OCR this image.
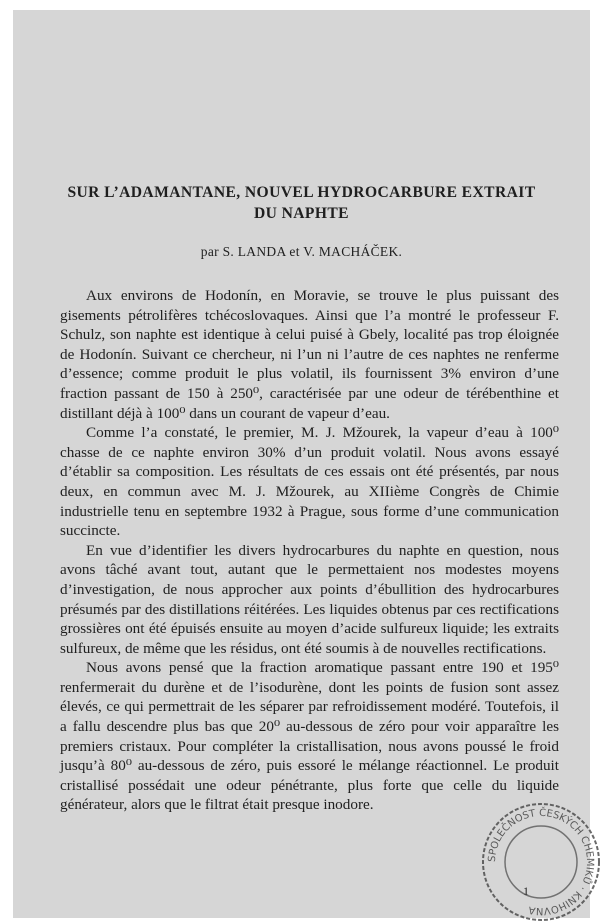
SUR L’ADAMANTANE, NOUVEL HYDROCARBURE EXTRAIT
DU NAPHTE
par S. LANDA et V. MACHÁČEK.

Aux environs de Hodonín, en Moravie, se trouve le plus puissant des gisements pétrolifères tchécoslovaques. Ainsi que l’a montré le professeur F. Schulz, son naphte est identique à celui puisé à Gbely, localité pas trop éloignée de Hodonín. Suivant ce chercheur, ni l’un ni l’autre de ces naphtes ne renferme d’essence; comme produit le plus volatil, ils fournissent 3% environ d’une fraction passant de 150 à 250⁰, caractérisée par une odeur de térébenthine et distillant déjà à 100⁰ dans un courant de vapeur d’eau.

Comme l’a constaté, le premier, M. J. Mžourek, la vapeur d’eau à 100⁰ chasse de ce naphte environ 30% d’un produit volatil. Nous avons essayé d’établir sa composition. Les résultats de ces essais ont été présentés, par nous deux, en commun avec M. J. Mžourek, au XIIième Congrès de Chimie industrielle tenu en septembre 1932 à Prague, sous forme d’une communication succincte.

En vue d’identifier les divers hydrocarbures du naphte en question, nous avons tâché avant tout, autant que le permettaient nos modestes moyens d’investigation, de nous approcher aux points d’ébullition des hydrocarbures présumés par des distillations réitérées. Les liquides obtenus par ces rectifications grossières ont été épuisés ensuite au moyen d’acide sulfureux liquide; les extraits sulfureux, de même que les résidus, ont été soumis à de nouvelles rectifications.

Nous avons pensé que la fraction aromatique passant entre 190 et 195⁰ renfermerait du durène et de l’isodurène, dont les points de fusion sont assez élevés, ce qui permettrait de les séparer par refroidissement modéré. Toutefois, il a fallu descendre plus bas que 20⁰ au-dessous de zéro pour voir apparaître les premiers cristaux. Pour compléter la cristallisation, nous avons poussé le froid jusqu’à 80⁰ au-dessous de zéro, puis essoré le mélange réactionnel. Le produit cristallisé possédait une odeur pénétrante, plus forte que celle du liquide générateur, alors que le filtrat était presque inodore.

1
SPOLEČNOST ČESKÝCH CHEMIKŮ · KNIHOVNA
